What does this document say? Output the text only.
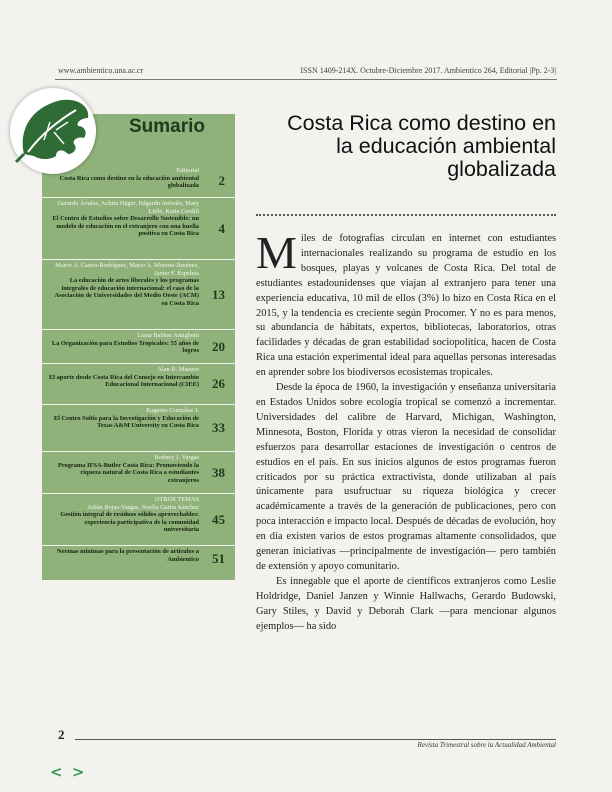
www.ambientico.una.ac.cr	ISSN 1409-214X. Octubre-Diciembre 2017. Ambientico 264, Editorial |Pp. 2-3|
Sumario
Editorial
Costa Rica como destino en la educación ambiental globalizada 2
Gerardo Ávalos, Achim Häger, Edgardo Arévalo, Mary Little, Katie Cordill
El Centro de Estudios sobre Desarrollo Sostenible: un modelo de educación en el extranjero con una huella positiva en Costa Rica 4
Marco A. Castro-Rodríguez, Mario A. Moreno-Jiménez, Javier F. Espeleta
La educación de artes liberales y los programas integrales de educación internacional: el caso de la Asociación de Universidades del Medio Oeste (ACM) en Costa Rica
13
Liana Babbar Amighetti
La Organización para Estudios Tropicales: 55 años de logros 20
Alan R. Masters
El aporte desde Costa Rica del Consejo en Intercambio Educacional Internacional (CIEE) 26
Eugenio González J.
El Centro Soltis para la Investigación y Educación de Texas A&M University en Costa Rica 33
Rodney J. Vargas
Programa IFSA-Butler Costa Rica: Promoviendo la riqueza natural de Costa Rica a estudiantes extranjeros
38
OTROS TEMAS
Julián Rojas-Vargas, Noelia Garita Sánchez
Gestión integral de residuos sólidos aprovechables: experiencia participativa de la comunidad universitaria
45
Normas mínimas para la presentación de artículos a Ambientico 51
Costa Rica como destino en la educación ambiental globalizada

Miles de fotografías circulan en internet con estudiantes internacionales realizando su programa de estudio en los bosques, playas y volcanes de Costa Rica. Del total de estudiantes estadounidenses que viajan al extranjero para tener una experiencia educativa, 10 mil de ellos (3%) lo hizo en Costa Rica en el 2015, y la tendencia es creciente según Procomer. Y no es para menos, su abundancia de hábitats, expertos, bibliotecas, laboratorios, otras facilidades y décadas de gran estabilidad sociopolítica, hacen de Costa Rica una estación experimental ideal para aquellas personas interesadas en aprender sobre los biodiversos ecosistemas tropicales.

Desde la época de 1960, la investigación y enseñanza universitaria en Estados Unidos sobre ecología tropical se comenzó a incrementar. Universidades del calibre de Harvard, Michigan, Washington, Minnesota, Boston, Florida y otras vieron la necesidad de consolidar esfuerzos para desarrollar estaciones de investigación o centros de estudios en el país. En sus inicios algunos de estos programas fueron criticados por su práctica extractivista, donde utilizaban al país únicamente para usufructuar su riqueza biológica y crecer académicamente a través de la generación de publicaciones, pero con poca interacción e impacto local. Después de décadas de evolución, hoy en día existen varios de estos programas altamente consolidados, que generan iniciativas —principalmente de investigación— pero también de extensión y apoyo comunitario.

Es innegable que el aporte de científicos extranjeros como Leslie Holdridge, Daniel Janzen y Winnie Hallwachs, Gerardo Budowski, Gary Stiles, y David y Deborah Clark —para mencionar algunos ejemplos— ha sido

2
Revista Trimestral sobre la Actualidad Ambiental
< >
